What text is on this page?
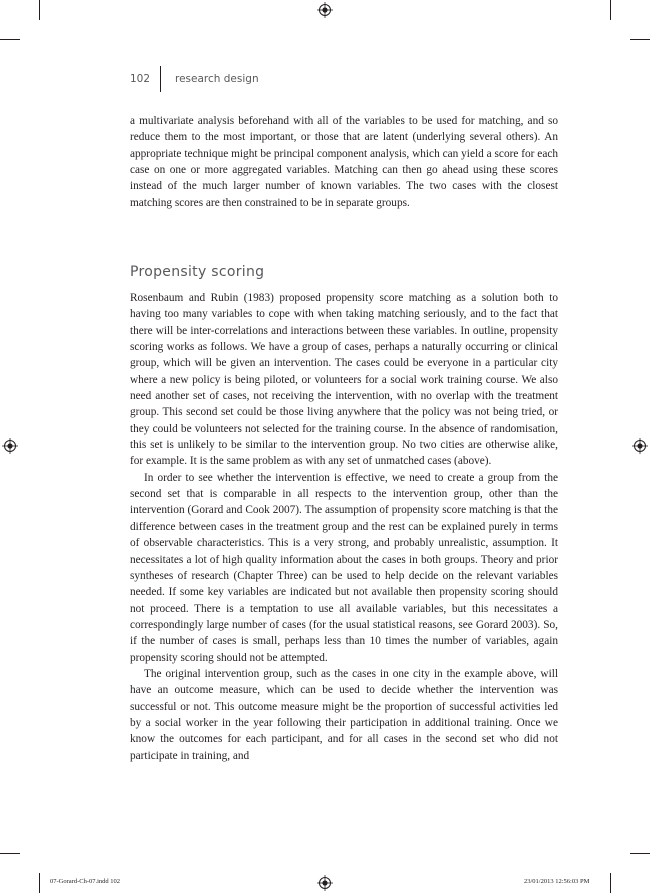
102	research design

a multivariate analysis beforehand with all of the variables to be used for matching, and so reduce them to the most important, or those that are latent (underlying several others). An appropriate technique might be principal component analysis, which can yield a score for each case on one or more aggregated variables. Matching can then go ahead using these scores instead of the much larger number of known variables. The two cases with the closest matching scores are then constrained to be in separate groups.

Propensity scoring

Rosenbaum and Rubin (1983) proposed propensity score matching as a solution both to having too many variables to cope with when taking matching seriously, and to the fact that there will be inter-correlations and interactions between these variables. In outline, propensity scoring works as follows. We have a group of cases, perhaps a naturally occurring or clinical group, which will be given an intervention. The cases could be everyone in a particular city where a new policy is being piloted, or volunteers for a social work training course. We also need another set of cases, not receiving the intervention, with no overlap with the treatment group. This second set could be those living anywhere that the policy was not being tried, or they could be volunteers not selected for the training course. In the absence of randomisation, this set is unlikely to be similar to the intervention group. No two cities are otherwise alike, for example. It is the same problem as with any set of unmatched cases (above).

In order to see whether the intervention is effective, we need to create a group from the second set that is comparable in all respects to the intervention group, other than the intervention (Gorard and Cook 2007). The assumption of propensity score matching is that the difference between cases in the treatment group and the rest can be explained purely in terms of observable characteristics. This is a very strong, and probably unrealistic, assumption. It necessitates a lot of high quality information about the cases in both groups. Theory and prior syntheses of research (Chapter Three) can be used to help decide on the relevant variables needed. If some key variables are indicated but not available then propensity scoring should not proceed. There is a temptation to use all available variables, but this necessitates a correspondingly large number of cases (for the usual statistical reasons, see Gorard 2003). So, if the number of cases is small, perhaps less than 10 times the number of variables, again propensity scoring should not be attempted.

The original intervention group, such as the cases in one city in the example above, will have an outcome measure, which can be used to decide whether the intervention was successful or not. This outcome measure might be the proportion of successful activities led by a social worker in the year following their participation in additional training. Once we know the outcomes for each participant, and for all cases in the second set who did not participate in training, and

07-Gorard-Ch-07.indd 102	23/01/2013 12:56:03 PM
